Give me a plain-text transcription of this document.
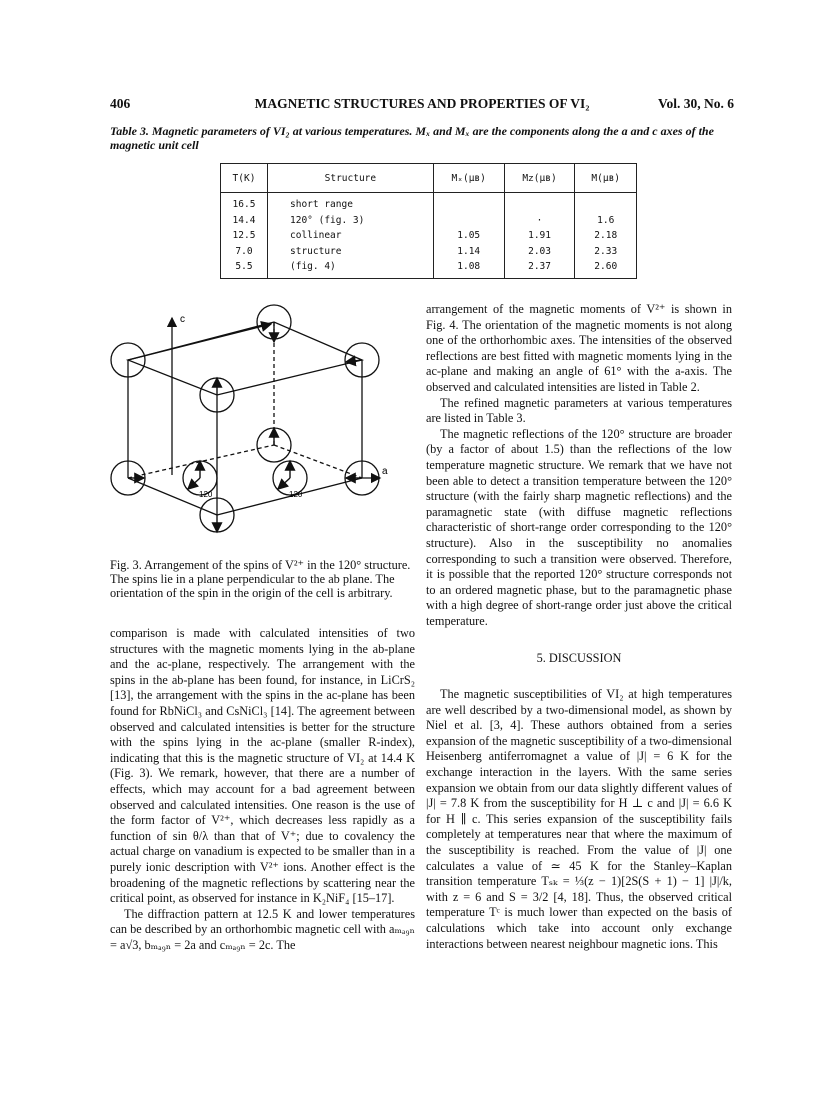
406	MAGNETIC STRUCTURES AND PROPERTIES OF VI₂	Vol. 30, No. 6
Table 3. Magnetic parameters of VI₂ at various temperatures. Mₓ and Mₓ are the components along the a and c axes of the magnetic unit cell
T(K)	Structure	Mₓ(μʙ)	Mᴢ(μʙ)	M(μʙ)
16.5	short range			
14.4	120° (fig. 3)		·	1.6
12.5	collinear	1.05	1.91	2.18
7.0	structure	1.14	2.03	2.33
5.5	(fig. 4)	1.08	2.37	2.60
c
a
120	120
Fig. 3. Arrangement of the spins of V²⁺ in the 120° structure. The spins lie in a plane perpendicular to the ab plane. The orientation of the spin in the origin of the cell is arbitrary.

comparison is made with calculated intensities of two structures with the magnetic moments lying in the ab-plane and the ac-plane, respectively. The arrangement with the spins in the ab-plane has been found, for instance, in LiCrS₂ [13], the arrangement with the spins in the ac-plane has been found for RbNiCl₃ and CsNiCl₃ [14]. The agreement between observed and calculated intensities is better for the structure with the spins lying in the ac-plane (smaller R-index), indicating that this is the magnetic structure of VI₂ at 14.4 K (Fig. 3). We remark, however, that there are a number of effects, which may account for a bad agreement between observed and calculated intensities. One reason is the use of the form factor of V²⁺, which decreases less rapidly as a function of sin θ/λ than that of V⁺; due to covalency the actual charge on vanadium is expected to be smaller than in a purely ionic description with V²⁺ ions. Another effect is the broadening of the magnetic reflections by scattering near the critical point, as observed for instance in K₂NiF₄ [15–17].

The diffraction pattern at 12.5 K and lower temperatures can be described by an orthorhombic magnetic cell with aₘₐ₉ₙ = a√3, bₘₐ₉ₙ = 2a and cₘₐ₉ₙ = 2c. The

arrangement of the magnetic moments of V²⁺ is shown in Fig. 4. The orientation of the magnetic moments is not along one of the orthorhombic axes. The intensities of the observed reflections are best fitted with magnetic moments lying in the ac-plane and making an angle of 61° with the a-axis. The observed and calculated intensities are listed in Table 2.

The refined magnetic parameters at various temperatures are listed in Table 3.

The magnetic reflections of the 120° structure are broader (by a factor of about 1.5) than the reflections of the low temperature magnetic structure. We remark that we have not been able to detect a transition temperature between the 120° structure (with the fairly sharp magnetic reflections) and the paramagnetic state (with diffuse magnetic reflections characteristic of short-range order corresponding to the 120° structure). Also in the susceptibility no anomalies corresponding to such a transition were observed. Therefore, it is possible that the reported 120° structure corresponds not to an ordered magnetic phase, but to the paramagnetic phase with a high degree of short-range order just above the critical temperature.

5. DISCUSSION

The magnetic susceptibilities of VI₂ at high temperatures are well described by a two-dimensional model, as shown by Niel et al. [3, 4]. These authors obtained from a series expansion of the magnetic susceptibility of a two-dimensional Heisenberg antiferromagnet a value of |J| = 6 K for the exchange interaction in the layers. With the same series expansion we obtain from our data slightly different values of |J| = 7.8 K from the susceptibility for H ⊥ c and |J| = 6.6 K for H ∥ c. This series expansion of the susceptibility fails completely at temperatures near that where the maximum of the susceptibility is reached. From the value of |J| one calculates a value of ≃ 45 K for the Stanley–Kaplan transition temperature Tₛₖ = ⅓(z − 1)[2S(S + 1) − 1] |J|/k, with z = 6 and S = 3/2 [4, 18]. Thus, the observed critical temperature Tᶜ is much lower than expected on the basis of calculations which take into account only exchange interactions between nearest neighbour magnetic ions. This
